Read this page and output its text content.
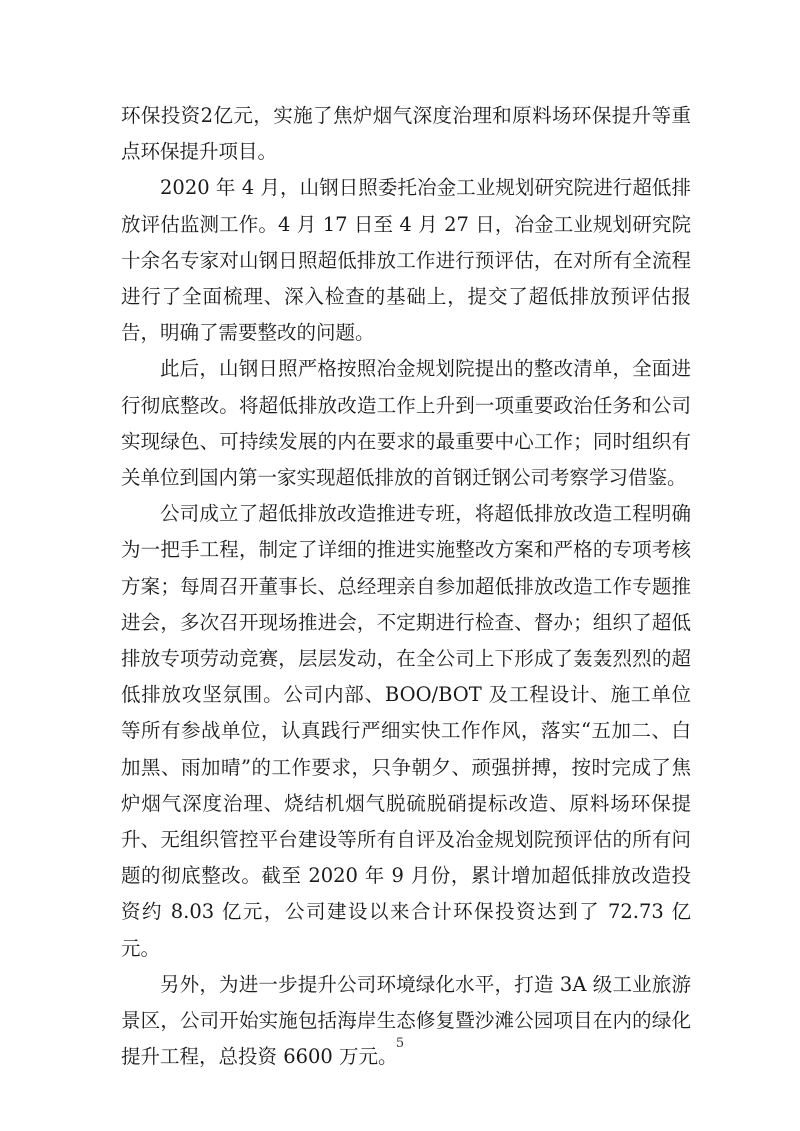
环保投资2亿元，实施了焦炉烟气深度治理和原料场环保提升等重点环保提升项目。

2020 年 4 月，山钢日照委托冶金工业规划研究院进行超低排放评估监测工作。4 月 17 日至 4 月 27 日，冶金工业规划研究院十余名专家对山钢日照超低排放工作进行预评估，在对所有全流程进行了全面梳理、深入检查的基础上，提交了超低排放预评估报告，明确了需要整改的问题。

此后，山钢日照严格按照冶金规划院提出的整改清单，全面进行彻底整改。将超低排放改造工作上升到一项重要政治任务和公司实现绿色、可持续发展的内在要求的最重要中心工作；同时组织有关单位到国内第一家实现超低排放的首钢迁钢公司考察学习借鉴。

公司成立了超低排放改造推进专班，将超低排放改造工程明确为一把手工程，制定了详细的推进实施整改方案和严格的专项考核方案；每周召开董事长、总经理亲自参加超低排放改造工作专题推进会，多次召开现场推进会，不定期进行检查、督办；组织了超低排放专项劳动竞赛，层层发动，在全公司上下形成了轰轰烈烈的超低排放攻坚氛围。公司内部、BOO/BOT 及工程设计、施工单位等所有参战单位，认真践行严细实快工作作风，落实“五加二、白加黑、雨加晴”的工作要求，只争朝夕、顽强拼搏，按时完成了焦炉烟气深度治理、烧结机烟气脱硫脱硝提标改造、原料场环保提升、无组织管控平台建设等所有自评及冶金规划院预评估的所有问题的彻底整改。截至 2020 年 9 月份，累计增加超低排放改造投资约 8.03 亿元，公司建设以来合计环保投资达到了 72.73 亿元。

另外，为进一步提升公司环境绿化水平，打造 3A 级工业旅游景区，公司开始实施包括海岸生态修复暨沙滩公园项目在内的绿化提升工程，总投资 6600 万元。

5
